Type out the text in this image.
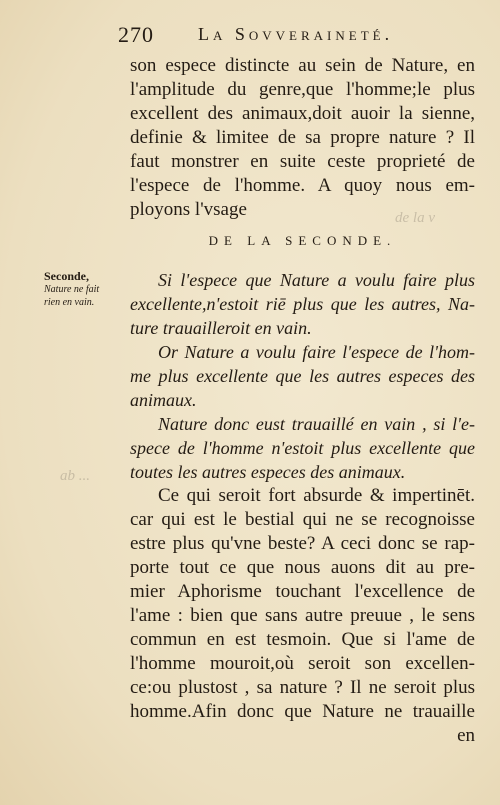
270 La Sovveraineté.
de la v
ab ...
son espece distincte au sein de Nature, en
l'amplitude du genre,que l'homme;le plus
excellent des animaux,doit auoir la sienne,
definie & limitee de sa propre nature ? Il
faut monstrer en suite ceste proprieté de
l'espece de l'homme. A quoy nous em-
ployons l'vsage
DE LA SECONDE.
Seconde,
Nature ne fait
rien en vain.
Si l'espece que Nature a voulu faire plus
excellente,n'estoit riē plus que les autres, Na-
ture trauailleroit en vain.
Or Nature a voulu faire l'espece de l'hom-
me plus excellente que les autres especes des
animaux.
Nature donc eust trauaillé en vain , si l'e-
spece de l'homme n'estoit plus excellente que
toutes les autres especes des animaux.
Ce qui seroit fort absurde & impertinēt.
car qui est le bestial qui ne se recognoisse
estre plus qu'vne beste? A ceci donc se rap-
porte tout ce que nous auons dit au pre-
mier Aphorisme touchant l'excellence de
l'ame : bien que sans autre preuue , le sens
commun en est tesmoin. Que si l'ame de
l'homme mouroit,où seroit son excellen-
ce:ou plustost , sa nature ? Il ne seroit plus
homme.Afin donc que Nature ne trauaille
en
